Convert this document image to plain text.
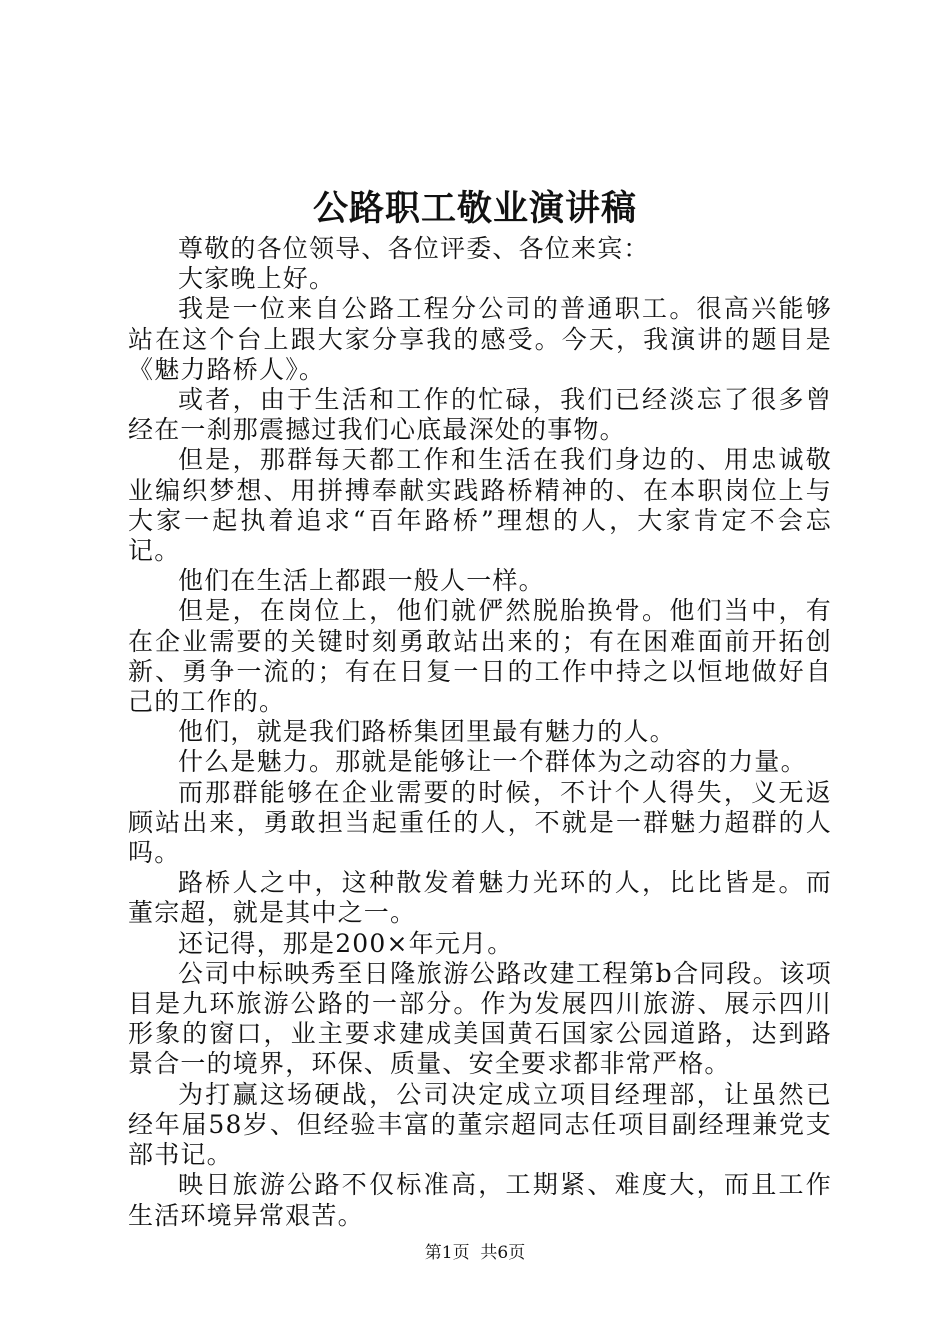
公路职工敬业演讲稿

尊敬的各位领导、各位评委、各位来宾：

大家晚上好。

我是一位来自公路工程分公司的普通职工。很高兴能够站在这个台上跟大家分享我的感受。今天，我演讲的题目是《魅力路桥人》。

或者，由于生活和工作的忙碌，我们已经淡忘了很多曾经在一刹那震撼过我们心底最深处的事物。

但是，那群每天都工作和生活在我们身边的、用忠诚敬业编织梦想、用拼搏奉献实践路桥精神的、在本职岗位上与大家一起执着追求“百年路桥”理想的人，大家肯定不会忘记。

他们在生活上都跟一般人一样。

但是，在岗位上，他们就俨然脱胎换骨。他们当中，有在企业需要的关键时刻勇敢站出来的；有在困难面前开拓创新、勇争一流的；有在日复一日的工作中持之以恒地做好自己的工作的。

他们，就是我们路桥集团里最有魅力的人。

什么是魅力。那就是能够让一个群体为之动容的力量。

而那群能够在企业需要的时候，不计个人得失，义无返顾站出来，勇敢担当起重任的人，不就是一群魅力超群的人吗。

路桥人之中，这种散发着魅力光环的人，比比皆是。而董宗超，就是其中之一。

还记得，那是200×年元月。

公司中标映秀至日隆旅游公路改建工程第b合同段。该项目是九环旅游公路的一部分。作为发展四川旅游、展示四川形象的窗口，业主要求建成美国黄石国家公园道路，达到路景合一的境界，环保、质量、安全要求都非常严格。

为打赢这场硬战，公司决定成立项目经理部，让虽然已经年届58岁、但经验丰富的董宗超同志任项目副经理兼党支部书记。

映日旅游公路不仅标准高，工期紧、难度大，而且工作生活环境异常艰苦。

第1页 共6页
